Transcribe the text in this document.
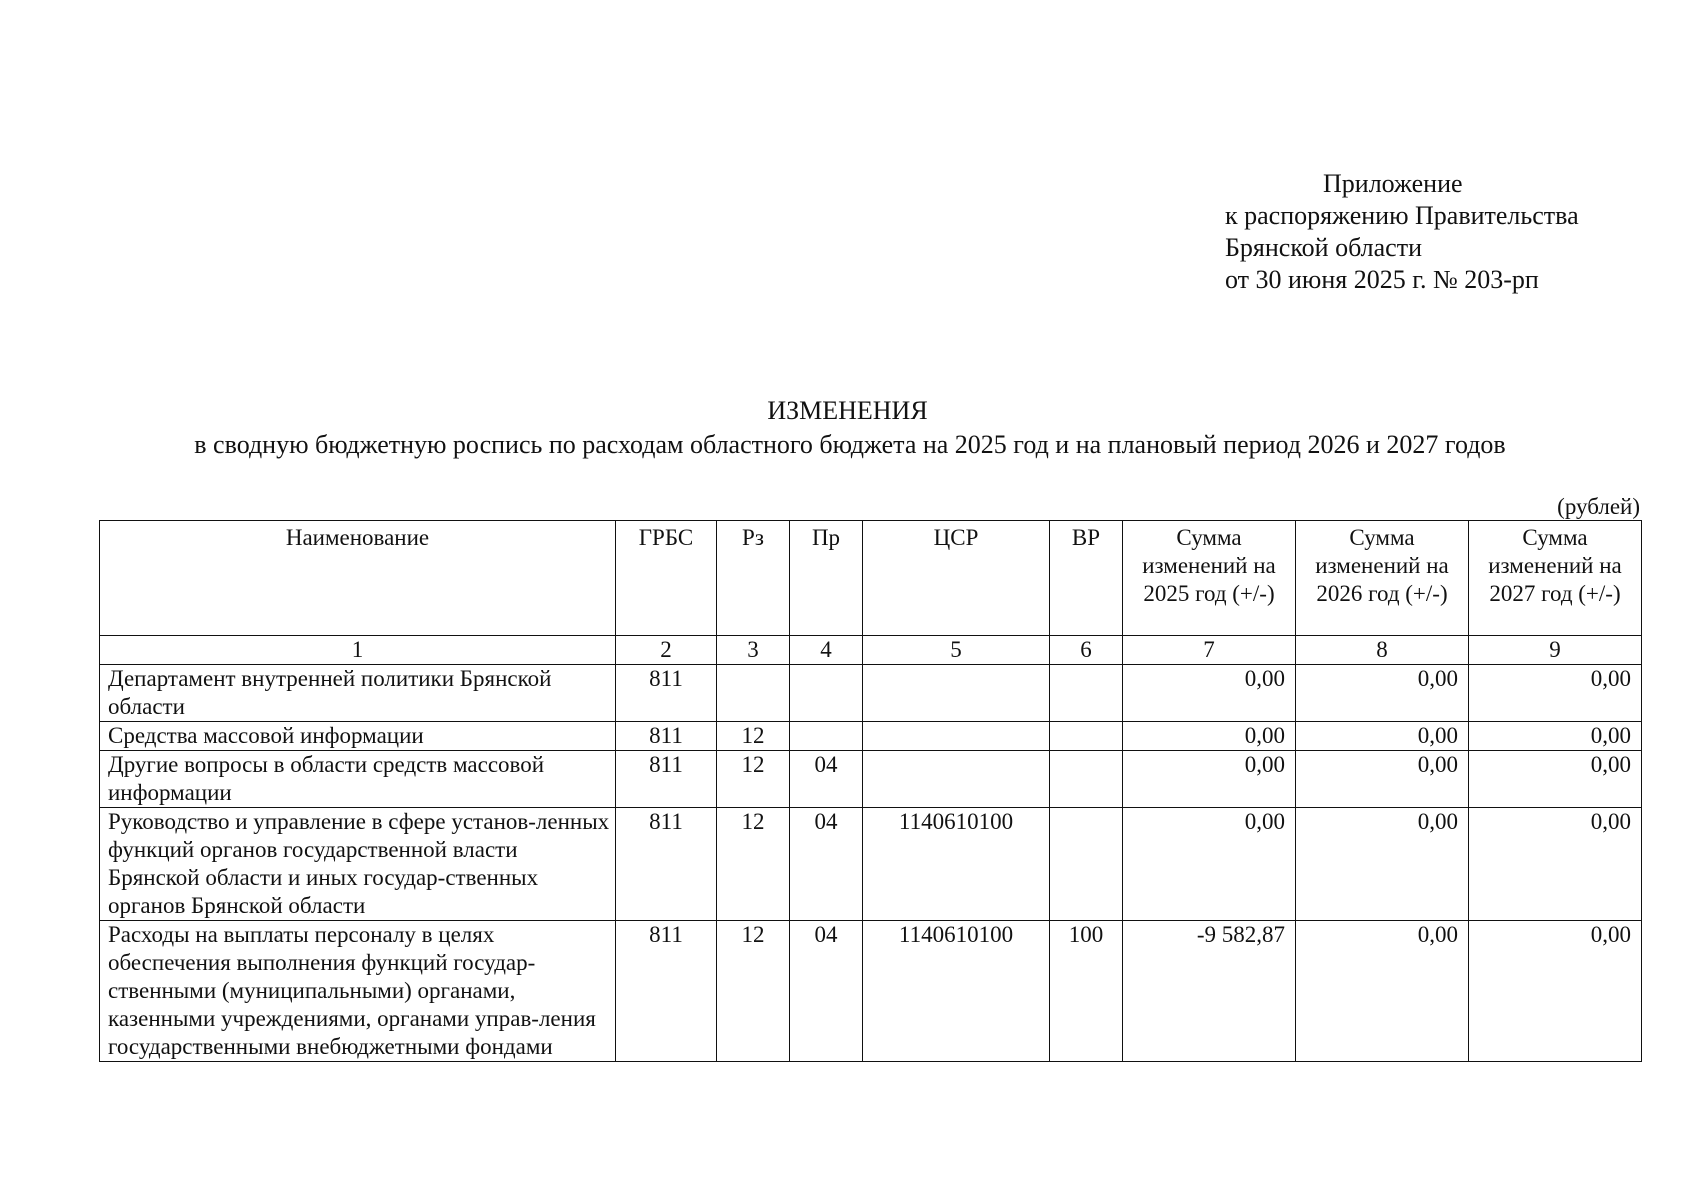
Приложение
к распоряжению Правительства
Брянской области
от 30 июня 2025 г. № 203-рп
ИЗМЕНЕНИЯ
в сводную бюджетную роспись по расходам областного бюджета на 2025 год и на плановый период 2026 и 2027 годов
(рублей)
Наименование	ГРБС	Рз	Пр	ЦСР	ВР	Сумма изменений на 2025 год (+/-)	Сумма изменений на 2026 год (+/-)	Сумма изменений на 2027 год (+/-)
1	2	3	4	5	6	7	8	9
Департамент внутренней политики Брянской области	811					0,00	0,00	0,00
Средства массовой информации	811	12				0,00	0,00	0,00
Другие вопросы в области средств массовой информации	811	12	04			0,00	0,00	0,00
Руководство и управление в сфере установ-ленных функций органов государственной власти Брянской области и иных государ-ственных органов Брянской области	811	12	04	1140610100		0,00	0,00	0,00
Расходы на выплаты персоналу в целях обеспечения выполнения функций государ-ственными (муниципальными) органами, казенными учреждениями, органами управ-ления государственными внебюджетными фондами	811	12	04	1140610100	100	-9 582,87	0,00	0,00
